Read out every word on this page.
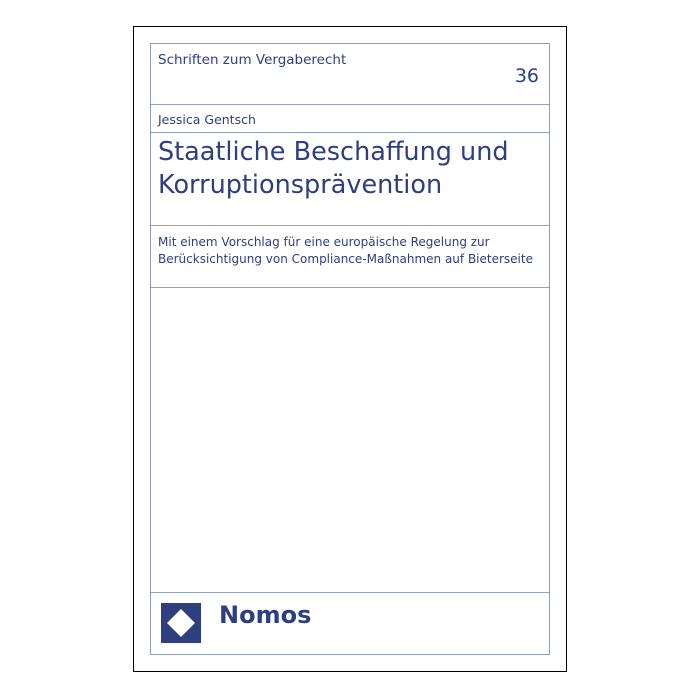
Schriften zum Vergaberecht
36
Jessica Gentsch
Staatliche Beschaffung und
Korruptionsprävention
Mit einem Vorschlag für eine europäische Regelung zur
Berücksichtigung von Compliance-Maßnahmen auf Bieterseite
Nomos
